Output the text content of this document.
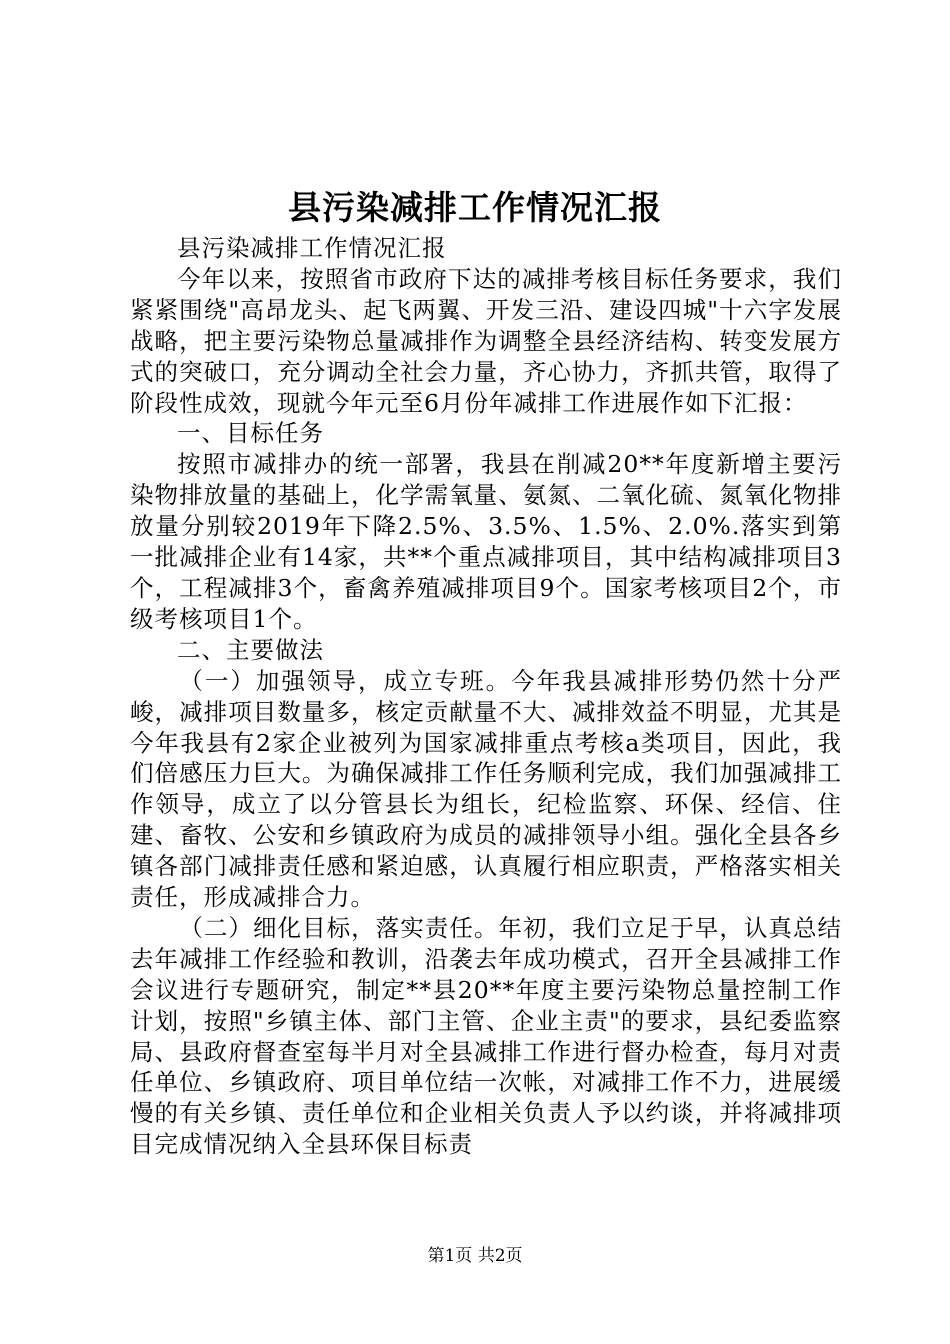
县污染减排工作情况汇报

县污染减排工作情况汇报

今年以来，按照省市政府下达的减排考核目标任务要求，我们紧紧围绕"高昂龙头、起飞两翼、开发三沿、建设四城"十六字发展战略，把主要污染物总量减排作为调整全县经济结构、转变发展方式的突破口，充分调动全社会力量，齐心协力，齐抓共管，取得了阶段性成效，现就今年元至6月份年减排工作进展作如下汇报：

一、目标任务

按照市减排办的统一部署，我县在削减20**年度新增主要污染物排放量的基础上，化学需氧量、氨氮、二氧化硫、氮氧化物排放量分别较2019年下降2.5%、3.5%、1.5%、2.0%.落实到第一批减排企业有14家，共**个重点减排项目，其中结构减排项目3个，工程减排3个，畜禽养殖减排项目9个。国家考核项目2个，市级考核项目1个。

二、主要做法

（一）加强领导，成立专班。今年我县减排形势仍然十分严峻，减排项目数量多，核定贡献量不大、减排效益不明显，尤其是今年我县有2家企业被列为国家减排重点考核a类项目，因此，我们倍感压力巨大。为确保减排工作任务顺利完成，我们加强减排工作领导，成立了以分管县长为组长，纪检监察、环保、经信、住建、畜牧、公安和乡镇政府为成员的减排领导小组。强化全县各乡镇各部门减排责任感和紧迫感，认真履行相应职责，严格落实相关责任，形成减排合力。

（二）细化目标，落实责任。年初，我们立足于早，认真总结去年减排工作经验和教训，沿袭去年成功模式，召开全县减排工作会议进行专题研究，制定**县20**年度主要污染物总量控制工作计划，按照"乡镇主体、部门主管、企业主责"的要求，县纪委监察局、县政府督查室每半月对全县减排工作进行督办检查，每月对责任单位、乡镇政府、项目单位结一次帐，对减排工作不力，进展缓慢的有关乡镇、责任单位和企业相关负责人予以约谈，并将减排项目完成情况纳入全县环保目标责

第1页 共2页
